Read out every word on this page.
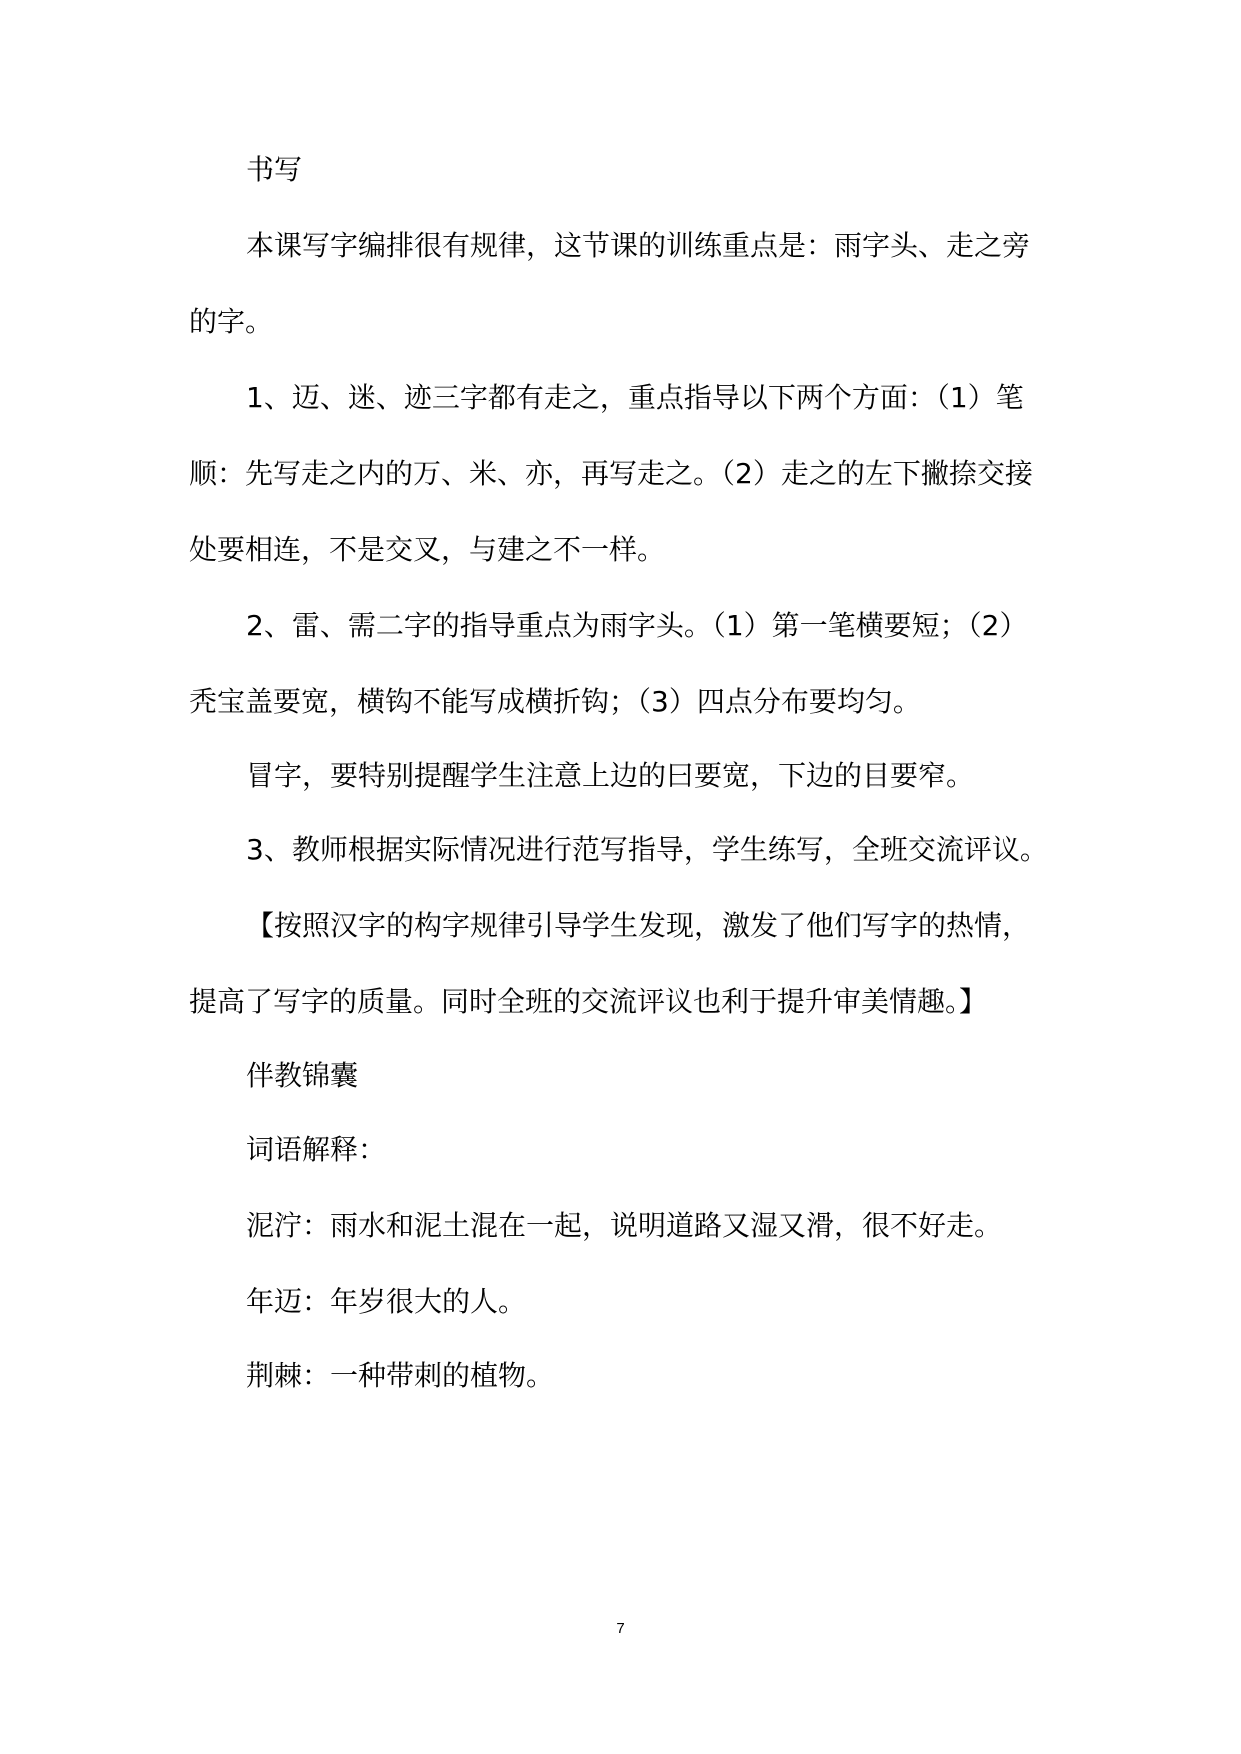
书写
本课写字编排很有规律，这节课的训练重点是：雨字头、走之旁
的字。
1、迈、迷、迹三字都有走之，重点指导以下两个方面：（1）笔
顺：先写走之内的万、米、亦，再写走之。（2）走之的左下撇捺交接
处要相连，不是交叉，与建之不一样。
2、雷、需二字的指导重点为雨字头。（1）第一笔横要短；（2）
秃宝盖要宽，横钩不能写成横折钩；（3）四点分布要均匀。
冒字，要特别提醒学生注意上边的曰要宽，下边的目要窄。
3、教师根据实际情况进行范写指导，学生练写，全班交流评议。
【按照汉字的构字规律引导学生发现，激发了他们写字的热情，
提高了写字的质量。同时全班的交流评议也利于提升审美情趣。】
伴教锦囊
词语解释：
泥泞：雨水和泥土混在一起，说明道路又湿又滑，很不好走。
年迈：年岁很大的人。
荆棘：一种带刺的植物。
7
